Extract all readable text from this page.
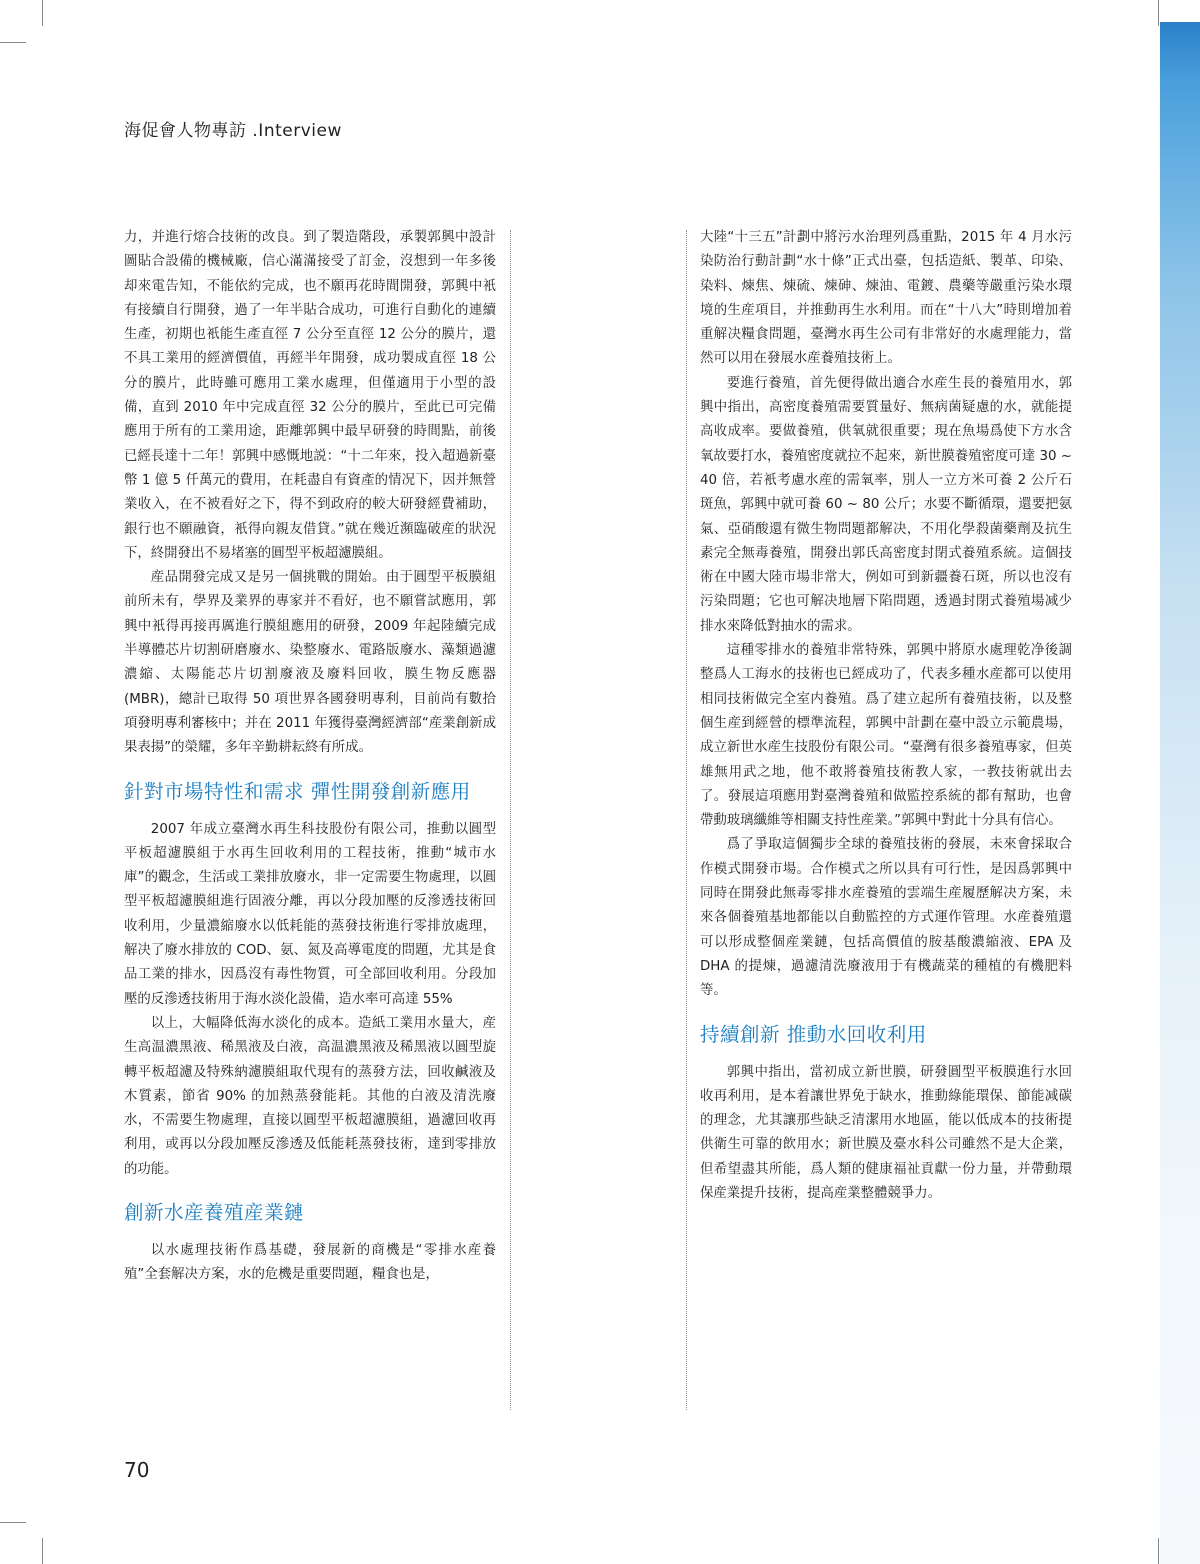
海促會人物專訪 .Interview

力，并進行熔合技術的改良。到了製造階段，承製郭興中設計圖貼合設備的機械廠，信心滿滿接受了訂金，沒想到一年多後却來電告知，不能依約完成，也不願再花時間開發，郭興中衹有接續自行開發，過了一年半貼合成功，可進行自動化的連續生產，初期也衹能生產直徑 7 公分至直徑 12 公分的膜片，還不具工業用的經濟價值，再經半年開發，成功製成直徑 18 公分的膜片，此時雖可應用工業水處理，但僅適用于小型的設備，直到 2010 年中完成直徑 32 公分的膜片，至此已可完備應用于所有的工業用途，距離郭興中最早研發的時間點，前後已經長達十二年！郭興中感慨地説：“十二年來，投入超過新臺幣 1 億 5 仟萬元的費用，在耗盡自有資產的情况下，因并無營業收入，在不被看好之下，得不到政府的較大研發經費補助，銀行也不願融資，衹得向親友借貸。”就在幾近瀕臨破産的狀況下，終開發出不易堵塞的圓型平板超濾膜組。

産品開發完成又是另一個挑戰的開始。由于圓型平板膜組前所未有，學界及業界的專家并不看好，也不願嘗試應用，郭興中衹得再接再厲進行膜組應用的研發，2009 年起陸續完成半導體芯片切割研磨廢水、染整廢水、電路版廢水、藻類過濾濃縮、太陽能芯片切割廢液及廢料回收，膜生物反應器 (MBR)，總計已取得 50 項世界各國發明專利，目前尚有數拾項發明專利審核中；并在 2011 年獲得臺灣經濟部“産業創新成果表揚”的榮耀，多年辛勤耕耘終有所成。

針對市場特性和需求 彈性開發創新應用

2007 年成立臺灣水再生科技股份有限公司，推動以圓型平板超濾膜組于水再生回收利用的工程技術，推動“城市水庫”的觀念，生活或工業排放廢水，非一定需要生物處理，以圓型平板超濾膜組進行固液分離，再以分段加壓的反滲透技術回收利用，少量濃縮廢水以低耗能的蒸發技術進行零排放處理，解决了廢水排放的 COD、氨、氮及高導電度的問題，尤其是食品工業的排水，因爲沒有毒性物質，可全部回收利用。分段加壓的反滲透技術用于海水淡化設備，造水率可高達 55%

以上，大幅降低海水淡化的成本。造紙工業用水量大，産生高温濃黑液、稀黑液及白液，高温濃黑液及稀黑液以圓型旋轉平板超濾及特殊納濾膜組取代現有的蒸發方法，回收鹹液及木質素，節省 90% 的加熱蒸發能耗。其他的白液及清洗廢水，不需要生物處理，直接以圓型平板超濾膜組，過濾回收再利用，或再以分段加壓反滲透及低能耗蒸發技術，達到零排放的功能。

創新水産養殖産業鏈

以水處理技術作爲基礎，發展新的商機是“零排水産養殖”全套解决方案，水的危機是重要問題，糧食也是，

大陸“十三五”計劃中將污水治理列爲重點，2015 年 4 月水污染防治行動計劃“水十條”正式出臺，包括造紙、製革、印染、染料、煉焦、煉硫、煉砷、煉油、電鍍、農藥等嚴重污染水環境的生産項目，并推動再生水利用。而在“十八大”時則增加着重解决糧食問題，臺灣水再生公司有非常好的水處理能力，當然可以用在發展水産養殖技術上。

要進行養殖，首先便得做出適合水産生長的養殖用水，郭興中指出，高密度養殖需要質量好、無病菌疑慮的水，就能提高收成率。要做養殖，供氧就很重要；現在魚場爲使下方水含氧故要打水，養殖密度就拉不起來，新世膜養殖密度可達 30 ~ 40 倍，若衹考慮水産的需氧率，別人一立方米可養 2 公斤石斑魚，郭興中就可養 60 ~ 80 公斤；水要不斷循環，還要把氨氣、亞硝酸還有微生物問題都解决，不用化學殺菌藥劑及抗生素完全無毒養殖，開發出郭氏高密度封閉式養殖系統。這個技術在中國大陸市場非常大，例如可到新疆養石斑，所以也沒有污染問題；它也可解决地層下陷問題，透過封閉式養殖場减少排水來降低對抽水的需求。

這種零排水的養殖非常特殊，郭興中將原水處理乾净後調整爲人工海水的技術也已經成功了，代表多種水産都可以使用相同技術做完全室内養殖。爲了建立起所有養殖技術，以及整個生産到經營的標準流程，郭興中計劃在臺中設立示範農場，成立新世水産生技股份有限公司。“臺灣有很多養殖專家，但英雄無用武之地，他不敢將養殖技術教人家，一教技術就出去了。發展這項應用對臺灣養殖和做監控系統的都有幫助，也會帶動玻璃纖維等相關支持性産業。”郭興中對此十分具有信心。

爲了爭取這個獨步全球的養殖技術的發展，未來會採取合作模式開發市場。合作模式之所以具有可行性，是因爲郭興中同時在開發此無毒零排水産養殖的雲端生産履歷解决方案，未來各個養殖基地都能以自動監控的方式運作管理。水産養殖還可以形成整個産業鏈，包括高價值的胺基酸濃縮液、EPA 及 DHA 的提煉，過濾清洗廢液用于有機蔬菜的種植的有機肥料等。

持續創新 推動水回收利用

郭興中指出，當初成立新世膜，研發圓型平板膜進行水回收再利用，是本着讓世界免于缺水，推動綠能環保、節能减碳的理念，尤其讓那些缺乏清潔用水地區，能以低成本的技術提供衛生可靠的飲用水；新世膜及臺水科公司雖然不是大企業，但希望盡其所能，爲人類的健康福祉貢獻一份力量，并帶動環保産業提升技術，提高産業整體競爭力。

70
